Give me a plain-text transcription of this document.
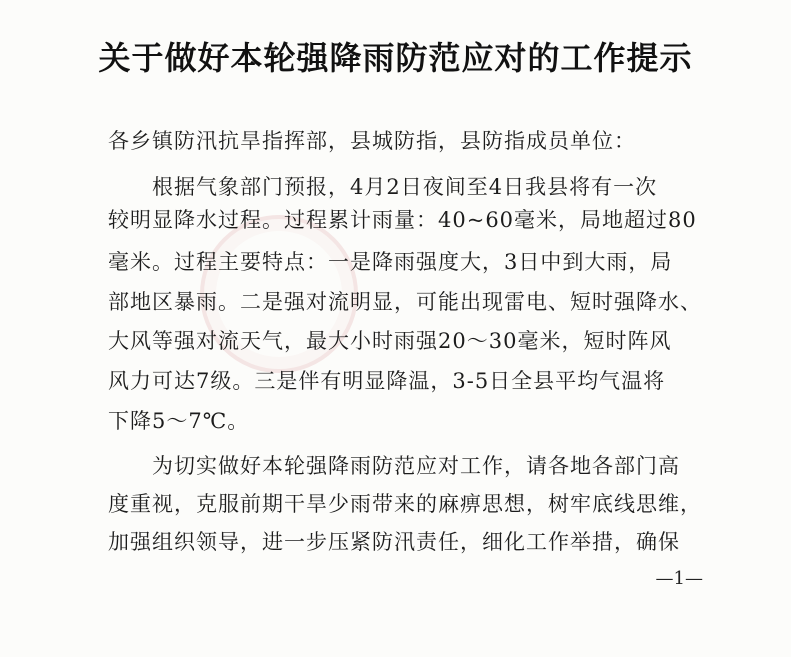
关于做好本轮强降雨防范应对的工作提示
各乡镇防汛抗旱指挥部，县城防指，县防指成员单位：
　　根据气象部门预报，4月2日夜间至4日我县将有一次
较明显降水过程。过程累计雨量：40~60毫米，局地超过80
毫米。过程主要特点：一是降雨强度大，3日中到大雨，局
部地区暴雨。二是强对流明显，可能出现雷电、短时强降水、
大风等强对流天气，最大小时雨强20～30毫米，短时阵风
风力可达7级。三是伴有明显降温，3-5日全县平均气温将
下降5～7℃。
　　为切实做好本轮强降雨防范应对工作，请各地各部门高
度重视，克服前期干旱少雨带来的麻痹思想，树牢底线思维，
加强组织领导，进一步压紧防汛责任，细化工作举措，确保
—1—
